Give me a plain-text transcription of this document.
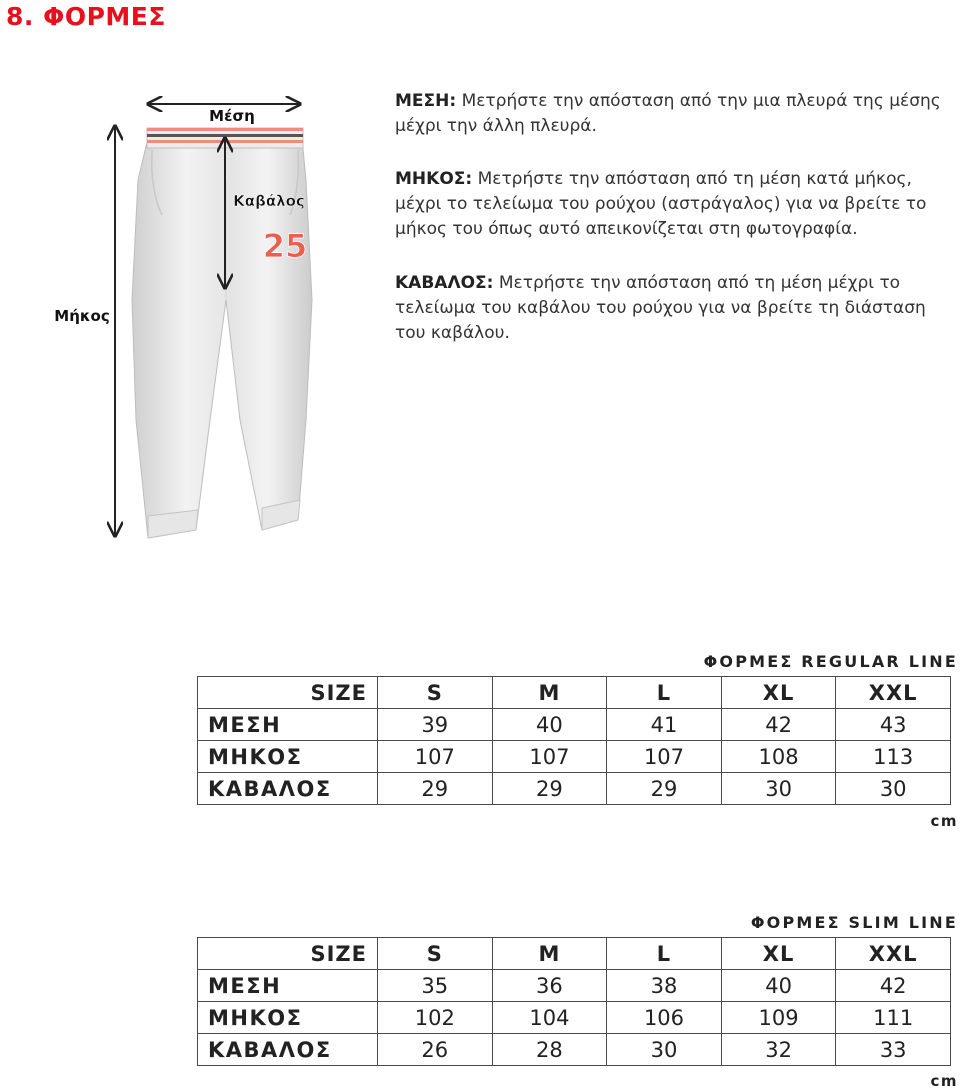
8. ΦΟΡΜΕΣ
25
Μέση
Καβάλος
Μήκος
ΜΕΣΗ: Μετρήστε την απόσταση από την μια πλευρά της μέσης μέχρι την άλλη πλευρά.
ΜΗΚΟΣ: Μετρήστε την απόσταση από τη μέση κατά μήκος, μέχρι το τελείωμα του ρούχου (αστράγαλος) για να βρείτε το μήκος του όπως αυτό απεικονίζεται στη φωτογραφία.
ΚΑΒΑΛΟΣ: Μετρήστε την απόσταση από τη μέση μέχρι το τελείωμα του καβάλου του ρούχου για να βρείτε τη διάσταση του καβάλου.
ΦΟΡΜΕΣ REGULAR LINE
SIZE	S	M	L	XL	XXL
ΜΕΣΗ	39	40	41	42	43
ΜΗΚΟΣ	107	107	107	108	113
ΚΑΒΑΛΟΣ	29	29	29	30	30
cm
ΦΟΡΜΕΣ SLIM LINE
SIZE	S	M	L	XL	XXL
ΜΕΣΗ	35	36	38	40	42
ΜΗΚΟΣ	102	104	106	109	111
ΚΑΒΑΛΟΣ	26	28	30	32	33
cm
